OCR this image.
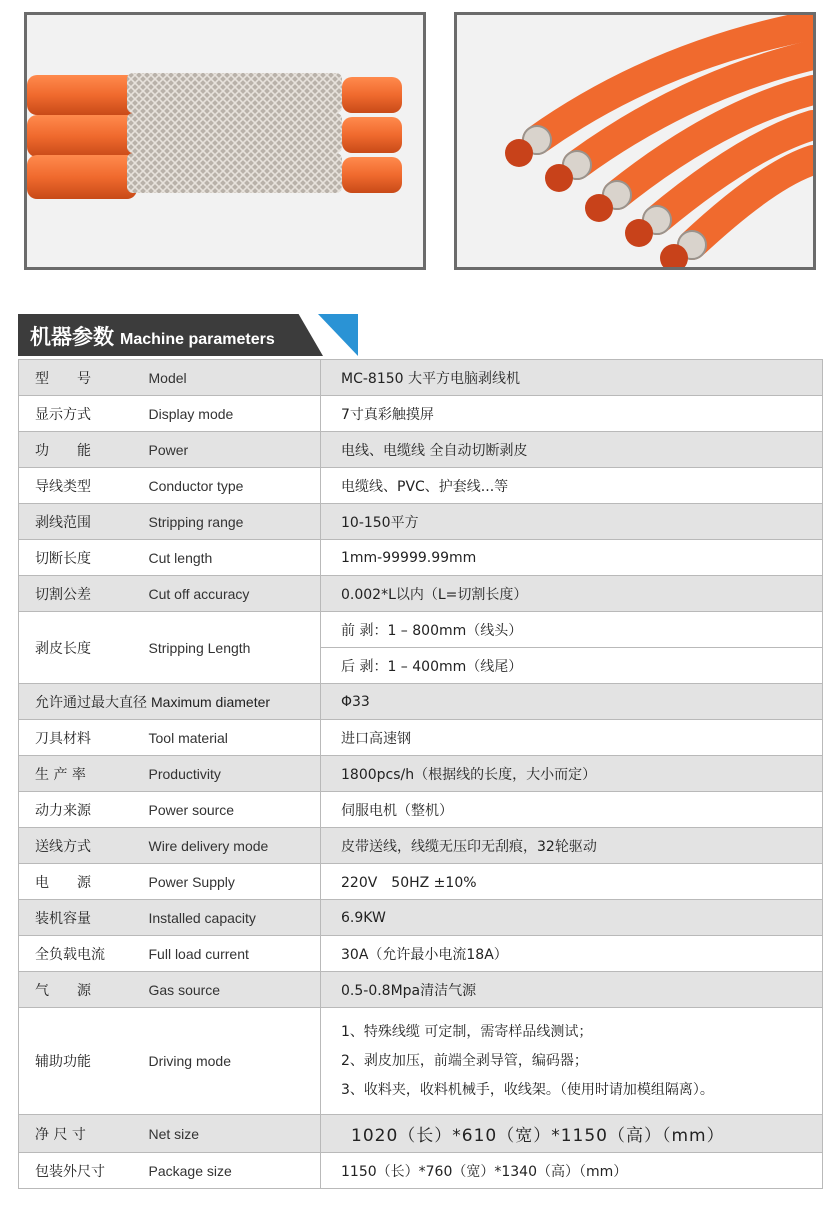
机器参数 Machine parameters
型　　号	Model	MC-8150 大平方电脑剥线机
显示方式	Display mode	7寸真彩触摸屏
功　　能	Power	电线、电缆线 全自动切断剥皮
导线类型	Conductor type	电缆线、PVC、护套线...等
剥线范围	Stripping range	10-150平方
切断长度	Cut length	1mm-99999.99mm
切割公差	Cut off accuracy	0.002*L以内（L=切割长度）
剥皮长度	Stripping Length	前 剥：1 – 800mm（线头）
		后 剥：1 – 400mm（线尾）
允许通过最大直径 Maximum diameter		Φ33
刀具材料	Tool material	进口高速钢
生 产 率	Productivity	1800pcs/h（根据线的长度，大小而定）
动力来源	Power source	伺服电机（整机）
送线方式	Wire delivery mode	皮带送线，线缆无压印无刮痕，32轮驱动
电　　源	Power Supply	220V　50HZ ±10%
装机容量	Installed capacity	6.9KW
全负载电流	Full load current	30A（允许最小电流18A）
气　　源	Gas source	0.5-0.8Mpa清洁气源
辅助功能	Driving mode	1、特殊线缆 可定制，需寄样品线测试；
2、剥皮加压，前端全剥导管，编码器；
3、收料夹，收料机械手，收线架。（使用时请加模组隔离）。

净 尺 寸	Net size	1020（长）*610（宽）*1150（高）（mm）
包装外尺寸	Package size	1150（长）*760（宽）*1340（高）（mm）
